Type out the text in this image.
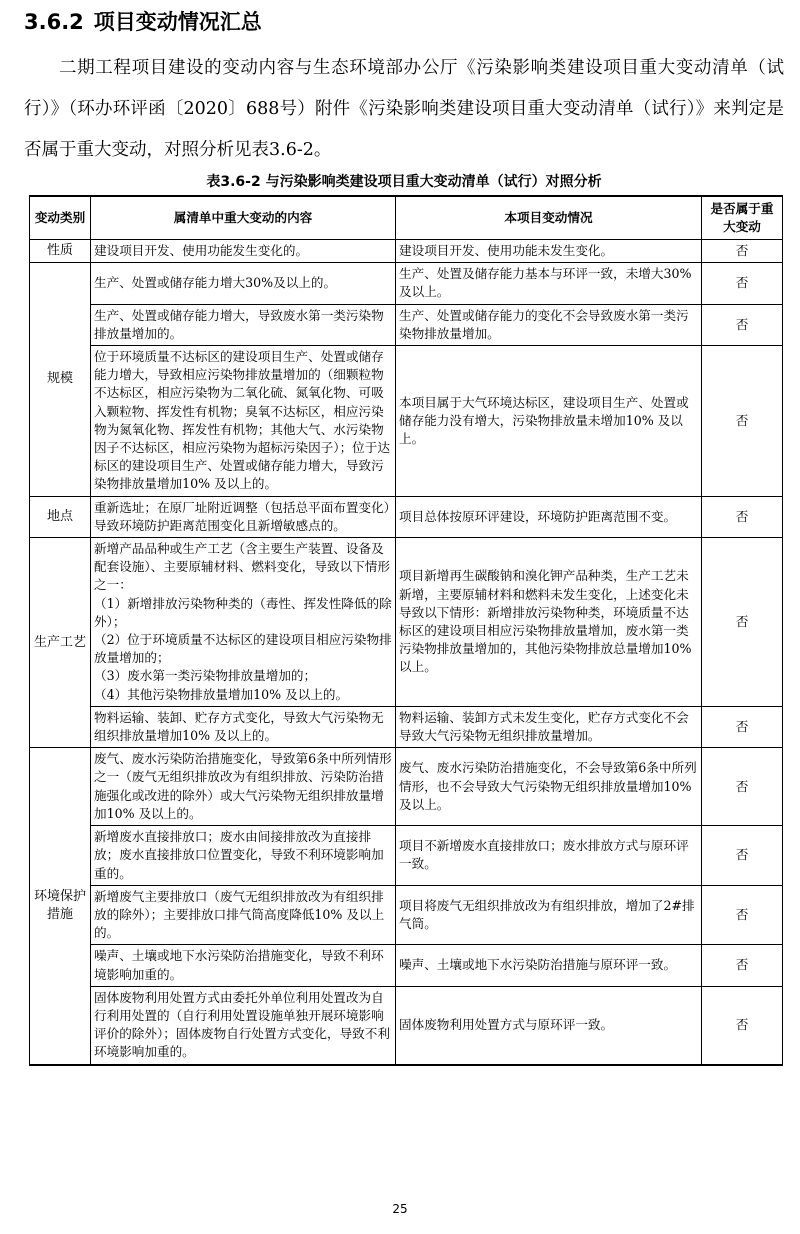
3.6.2 项目变动情况汇总
二期工程项目建设的变动内容与生态环境部办公厅《污染影响类建设项目重大变动清单（试行）》（环办环评函〔2020〕688号）附件《污染影响类建设项目重大变动清单（试行）》来判定是否属于重大变动，对照分析见表3.6-2。
表3.6-2 与污染影响类建设项目重大变动清单（试行）对照分析
变动类别	属清单中重大变动的内容	本项目变动情况	是否属于重大变动
性质	建设项目开发、使用功能发生变化的。	建设项目开发、使用功能未发生变化。	否
规模	生产、处置或储存能力增大30%及以上的。	生产、处置及储存能力基本与环评一致，未增大30%及以上。	否

	生产、处置或储存能力增大，导致废水第一类污染物排放量增加的。	生产、处置或储存能力的变化不会导致废水第一类污染物排放量增加。	否

	位于环境质量不达标区的建设项目生产、处置或储存能力增大，导致相应污染物排放量增加的（细颗粒物不达标区，相应污染物为二氧化硫、氮氧化物、可吸入颗粒物、挥发性有机物；臭氧不达标区，相应污染物为氮氧化物、挥发性有机物；其他大气、水污染物因子不达标区，相应污染物为超标污染因子）；位于达标区的建设项目生产、处置或储存能力增大，导致污染物排放量增加10% 及以上的。	本项目属于大气环境达标区，建设项目生产、处置或储存能力没有增大，污染物排放量未增加10% 及以上。	否
地点	重新选址；在原厂址附近调整（包括总平面布置变化）导致环境防护距离范围变化且新增敏感点的。	项目总体按原环评建设，环境防护距离范围不变。	否
生产工艺	新增产品品种或生产工艺（含主要生产装置、设备及配套设施）、主要原辅材料、燃料变化，导致以下情形之一：
（1）新增排放污染物种类的（毒性、挥发性降低的除外）；
（2）位于环境质量不达标区的建设项目相应污染物排放量增加的；
（3）废水第一类污染物排放量增加的；
（4）其他污染物排放量增加10% 及以上的。	项目新增再生碳酸钠和溴化钾产品种类，生产工艺未新增，主要原辅材料和燃料未发生变化，上述变化未导致以下情形：新增排放污染物种类，环境质量不达标区的建设项目相应污染物排放量增加，废水第一类污染物排放量增加的，其他污染物排放总量增加10%以上。	否

	物料运输、装卸、贮存方式变化，导致大气污染物无组织排放量增加10% 及以上的。	物料运输、装卸方式未发生变化，贮存方式变化不会导致大气污染物无组织排放量增加。	否
环境保护措施	废气、废水污染防治措施变化，导致第6条中所列情形之一（废气无组织排放改为有组织排放、污染防治措施强化或改进的除外）或大气污染物无组织排放量增加10% 及以上的。	废气、废水污染防治措施变化，不会导致第6条中所列情形，也不会导致大气污染物无组织排放量增加10% 及以上。	否

	新增废水直接排放口；废水由间接排放改为直接排放；废水直接排放口位置变化，导致不利环境影响加重的。	项目不新增废水直接排放口；废水排放方式与原环评一致。	否

	新增废气主要排放口（废气无组织排放改为有组织排放的除外）；主要排放口排气筒高度降低10% 及以上的。	项目将废气无组织排放改为有组织排放，增加了2#排气筒。	否

	噪声、土壤或地下水污染防治措施变化，导致不利环境影响加重的。	噪声、土壤或地下水污染防治措施与原环评一致。	否

	固体废物利用处置方式由委托外单位利用处置改为自行利用处置的（自行利用处置设施单独开展环境影响评价的除外）；固体废物自行处置方式变化，导致不利环境影响加重的。	固体废物利用处置方式与原环评一致。	否
25
